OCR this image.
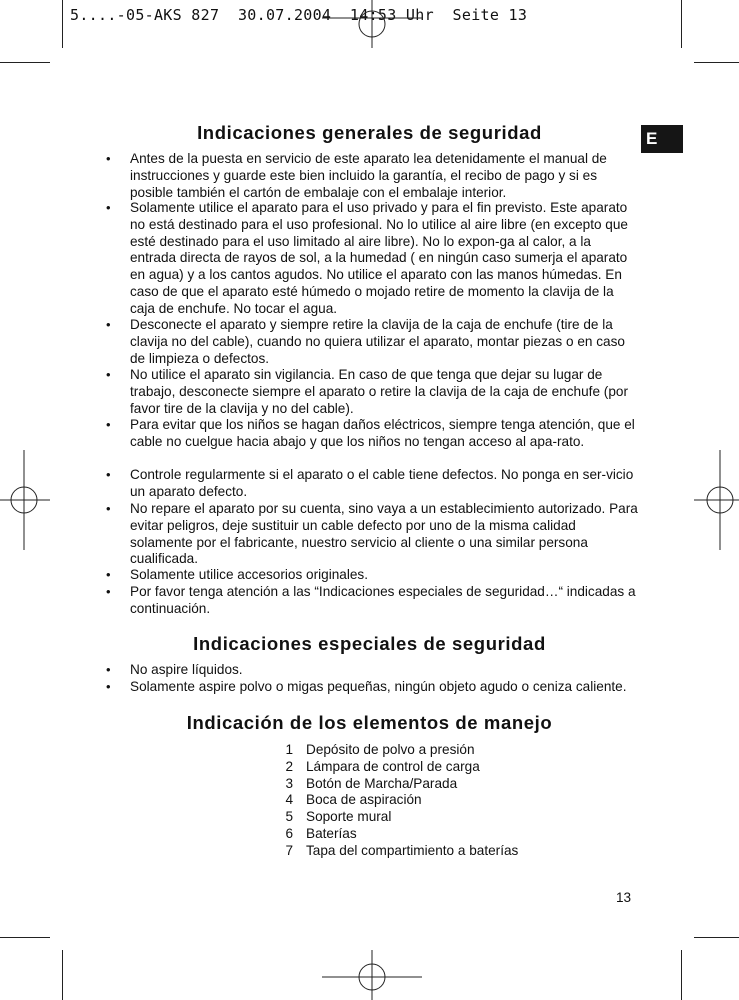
5....-05-AKS 827  30.07.2004  14:53 Uhr  Seite 13
E
Indicaciones generales de seguridad
Indicaciones especiales de seguridad
Indicación de los elementos de manejo
• Antes de la puesta en servicio de este aparato lea detenidamente el manual de instrucciones y guarde este bien incluido la garantía, el recibo de pago y si es posible también el cartón de embalaje con el embalaje interior.
• Solamente utilice el aparato para el uso privado y para el fin previsto. Este aparato no está destinado para el uso profesional. No lo utilice al aire libre (en excepto que esté destinado para el uso limitado al aire libre). No lo expon-ga al calor, a la entrada directa de rayos de sol, a la humedad ( en ningún caso sumerja el aparato en agua) y a los cantos agudos. No utilice el aparato con las manos húmedas. En caso de que el aparato esté húmedo o mojado retire de momento la clavija de la caja de enchufe. No tocar el agua.
• Desconecte el aparato y siempre retire la clavija de la caja de enchufe (tire de la clavija no del cable), cuando no quiera utilizar el aparato, montar piezas o en caso de limpieza o defectos.
• No utilice el aparato sin vigilancia. En caso de que tenga que dejar su lugar de trabajo, desconecte siempre el aparato o retire la clavija de la caja de enchufe (por favor tire de la clavija y no del cable).
• Para evitar que los niños se hagan daños eléctricos, siempre tenga atención, que el cable no cuelgue hacia abajo y que los niños no tengan acceso al apa-rato.
• Controle regularmente si el aparato o el cable tiene defectos. No ponga en ser-vicio un aparato defecto.
• No repare el aparato por su cuenta, sino vaya a un establecimiento autorizado. Para evitar peligros, deje sustituir un cable defecto por uno de la misma calidad solamente por el fabricante, nuestro servicio al cliente o una similar persona cualificada.
• Solamente utilice accesorios originales.
• Por favor tenga atención a las “Indicaciones especiales de seguridad…“ indicadas a continuación.
• No aspire líquidos.
• Solamente aspire polvo o migas pequeñas, ningún objeto agudo o ceniza caliente.
1 Depósito de polvo a presión
2 Lámpara de control de carga
3 Botón de Marcha/Parada
4 Boca de aspiración
5 Soporte mural
6 Baterías
7 Tapa del compartimiento a baterías
13
